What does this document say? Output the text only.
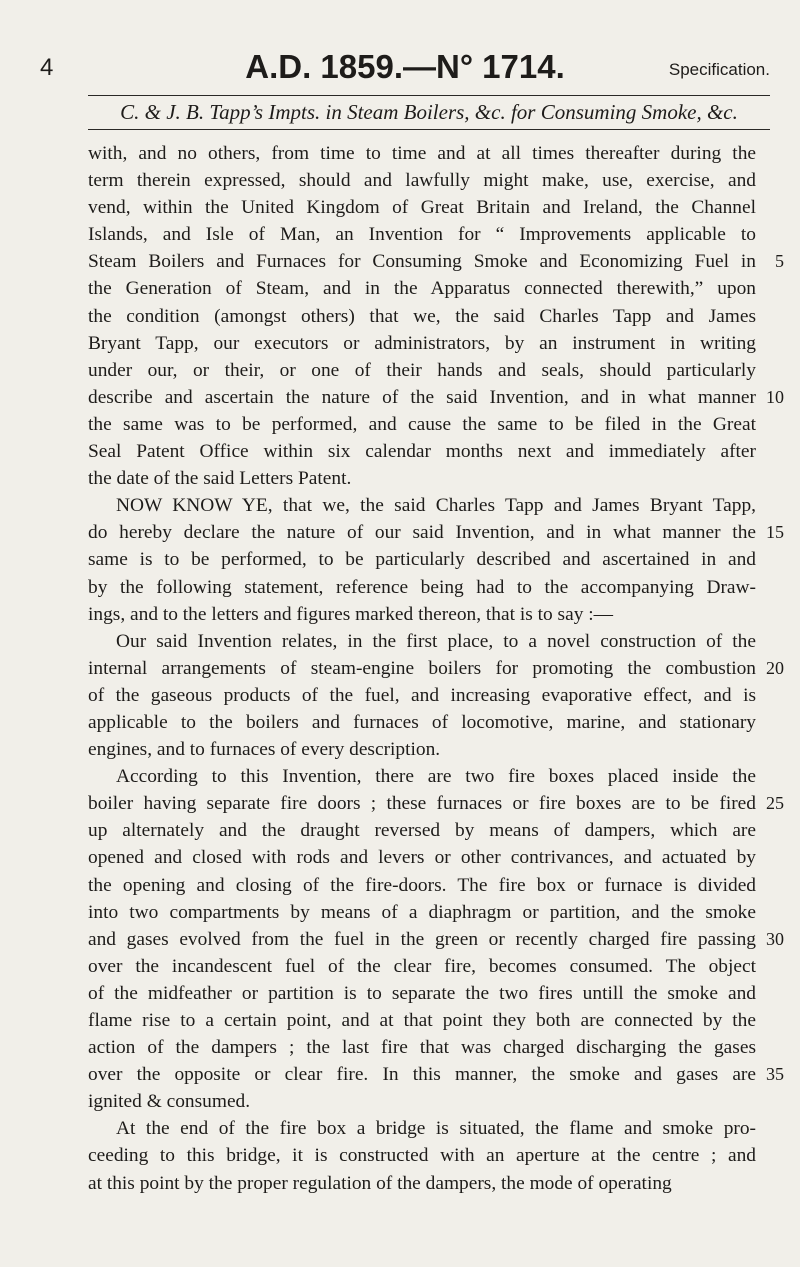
4	A.D. 1859.—N° 1714.	Specification.
C. & J. B. Tapp’s Impts. in Steam Boilers, &c. for Consuming Smoke, &c.
with, and no others, from time to time and at all times thereafter during the
term therein expressed, should and lawfully might make, use, exercise, and
vend, within the United Kingdom of Great Britain and Ireland, the Channel
Islands, and Isle of Man, an Invention for “ Improvements applicable to
Steam Boilers and Furnaces for Consuming Smoke and Economizing Fuel in	5
the Generation of Steam, and in the Apparatus connected therewith,” upon
the condition (amongst others) that we, the said Charles Tapp and James
Bryant Tapp, our executors or administrators, by an instrument in writing
under our, or their, or one of their hands and seals, should particularly
describe and ascertain the nature of the said Invention, and in what manner 10
the same was to be performed, and cause the same to be filed in the Great
Seal Patent Office within six calendar months next and immediately after
the date of the said Letters Patent.
NOW KNOW YE, that we, the said Charles Tapp and James Bryant Tapp,
do hereby declare the nature of our said Invention, and in what manner the 15
same is to be performed, to be particularly described and ascertained in and
by the following statement, reference being had to the accompanying Draw-
ings, and to the letters and figures marked thereon, that is to say :—
Our said Invention relates, in the first place, to a novel construction of the
internal arrangements of steam-engine boilers for promoting the combustion 20
of the gaseous products of the fuel, and increasing evaporative effect, and is
applicable to the boilers and furnaces of locomotive, marine, and stationary
engines, and to furnaces of every description.
According to this Invention, there are two fire boxes placed inside the
boiler having separate fire doors ; these furnaces or fire boxes are to be fired 25
up alternately and the draught reversed by means of dampers, which are
opened and closed with rods and levers or other contrivances, and actuated by
the opening and closing of the fire-doors. The fire box or furnace is divided
into two compartments by means of a diaphragm or partition, and the smoke
and gases evolved from the fuel in the green or recently charged fire passing 30
over the incandescent fuel of the clear fire, becomes consumed. The object
of the midfeather or partition is to separate the two fires untill the smoke and
flame rise to a certain point, and at that point they both are connected by the
action of the dampers ; the last fire that was charged discharging the gases
over the opposite or clear fire. In this manner, the smoke and gases are 35
ignited & consumed.
At the end of the fire box a bridge is situated, the flame and smoke pro-
ceeding to this bridge, it is constructed with an aperture at the centre ; and
at this point by the proper regulation of the dampers, the mode of operating
